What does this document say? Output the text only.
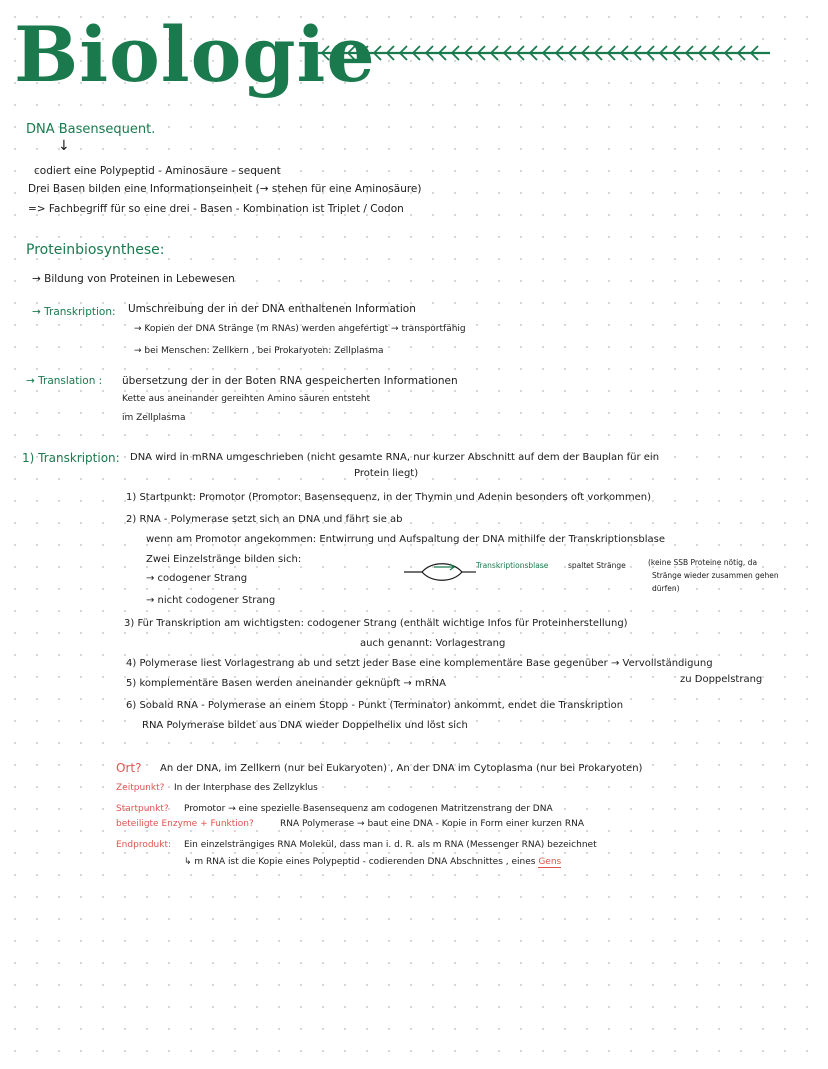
Biologie
DNA Basensequent.
↓
codiert eine Polypeptid - Aminosäure - sequent
Drei Basen bilden eine Informationseinheit (→ stehen für eine Aminosäure)
=> Fachbegriff für so eine drei - Basen - Kombination ist Triplet / Codon
Proteinbiosynthese:
→ Bildung von Proteinen in Lebewesen
→ Transkription: Umschreibung der in der DNA enthaltenen Information
→ Kopien der DNA Stränge (m RNAs) werden angefertigt → transportfähig
→ bei Menschen: Zellkern , bei Prokaryoten: Zellplasma
→ Translation : übersetzung der in der Boten RNA gespeicherten Informationen
Kette aus aneinander gereihten Amino säuren entsteht
im Zellplasma
1) Transkription: DNA wird in mRNA umgeschrieben (nicht gesamte RNA, nur kurzer Abschnitt auf dem der Bauplan für ein
Protein liegt)
1) Startpunkt: Promotor (Promotor: Basensequenz, in der Thymin und Adenin besonders oft vorkommen)
2) RNA - Polymerase setzt sich an DNA und fährt sie ab
wenn am Promotor angekommen: Entwirrung und Aufspaltung der DNA mithilfe der Transkriptionsblase
Zwei Einzelstränge bilden sich:
→ codogener Strang
→ nicht codogener Strang
Transkriptionsblase	spaltet Stränge	(keine SSB Proteine nötig, da
Stränge wieder zusammen gehen
dürfen)
3) Für Transkription am wichtigsten: codogener Strang (enthält wichtige Infos für Proteinherstellung)
auch genannt: Vorlagestrang
4) Polymerase liest Vorlagestrang ab und setzt jeder Base eine komplementäre Base gegenüber → Vervollständigung
zu Doppelstrang
5) komplementäre Basen werden aneinander geknüpft → mRNA
6) Sobald RNA - Polymerase an einem Stopp - Punkt (Terminator) ankommt, endet die Transkription
RNA Polymerase bildet aus DNA wieder Doppelhelix und löst sich
Ort? An der DNA, im Zellkern (nur bei Eukaryoten) , An der DNA im Cytoplasma (nur bei Prokaryoten)
Zeitpunkt? In der Interphase des Zellzyklus
Startpunkt? Promotor → eine spezielle Basensequenz am codogenen Matritzenstrang der DNA
beteiligte Enzyme + Funktion?	RNA Polymerase → baut eine DNA - Kopie in Form einer kurzen RNA
Endprodukt: Ein einzelsträngiges RNA Molekül, dass man i. d. R. als m RNA (Messenger RNA) bezeichnet
↳ m RNA ist die Kopie eines Polypeptid - codierenden DNA Abschnittes , eines Gens
